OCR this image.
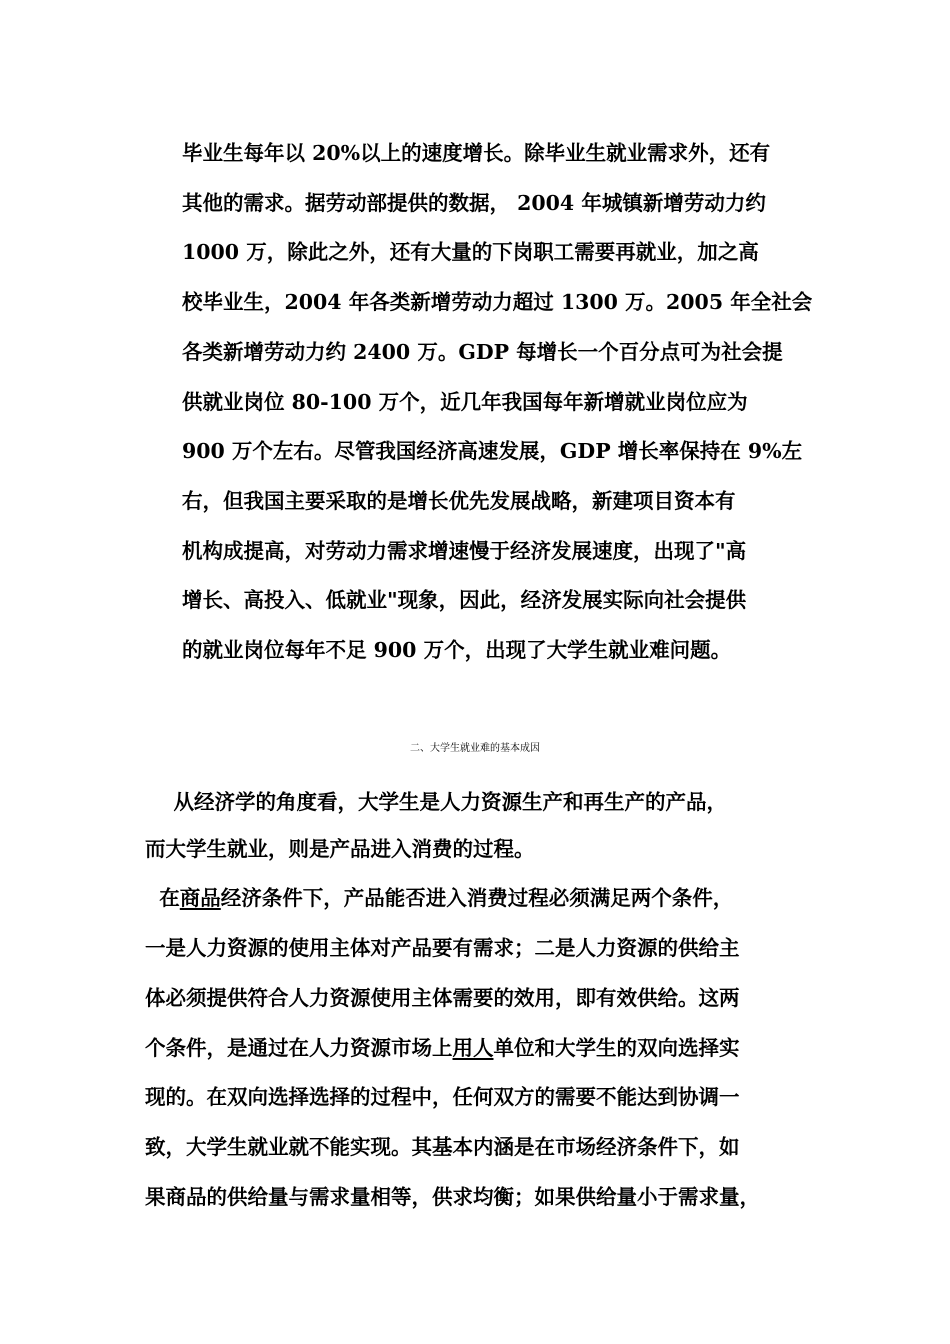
毕业生每年以 20%以上的速度增长。除毕业生就业需求外，还有
其他的需求。据劳动部提供的数据， 2004 年城镇新增劳动力约
1000 万，除此之外，还有大量的下岗职工需要再就业，加之高
校毕业生，2004 年各类新增劳动力超过 1300 万。2005 年全社会
各类新增劳动力约 2400 万。GDP 每增长一个百分点可为社会提
供就业岗位 80-100 万个，近几年我国每年新增就业岗位应为
900 万个左右。尽管我国经济高速发展，GDP 增长率保持在 9%左
右，但我国主要采取的是增长优先发展战略，新建项目资本有
机构成提高，对劳动力需求增速慢于经济发展速度，出现了"高
增长、高投入、低就业"现象，因此，经济发展实际向社会提供
的就业岗位每年不足 900 万个，出现了大学生就业难问题。
二、大学生就业难的基本成因
从经济学的角度看，大学生是人力资源生产和再生产的产品，
而大学生就业，则是产品进入消费的过程。
在商品经济条件下，产品能否进入消费过程必须满足两个条件，
一是人力资源的使用主体对产品要有需求；二是人力资源的供给主
体必须提供符合人力资源使用主体需要的效用，即有效供给。这两
个条件，是通过在人力资源市场上用人单位和大学生的双向选择实
现的。在双向选择选择的过程中，任何双方的需要不能达到协调一
致，大学生就业就不能实现。其基本内涵是在市场经济条件下，如
果商品的供给量与需求量相等，供求均衡；如果供给量小于需求量，
